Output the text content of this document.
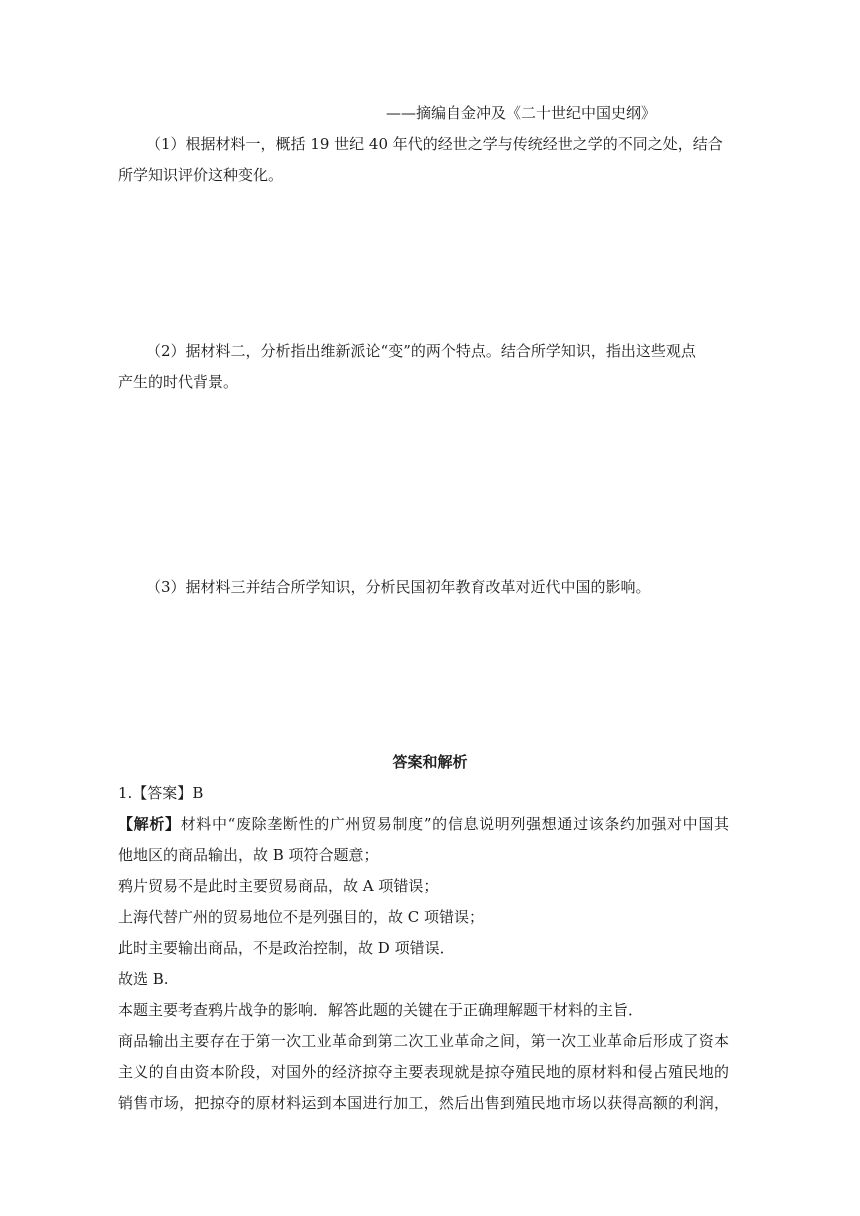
——摘编自金冲及《二十世纪中国史纲》
（1）根据材料一，概括 19 世纪 40 年代的经世之学与传统经世之学的不同之处，结合
所学知识评价这种变化。
（2）据材料二，分析指出维新派论“变”的两个特点。结合所学知识，指出这些观点
产生的时代背景。
（3）据材料三并结合所学知识，分析民国初年教育改革对近代中国的影响。
答案和解析
1.【答案】B
【解析】材料中“废除垄断性的广州贸易制度”的信息说明列强想通过该条约加强对中国其
他地区的商品输出，故 B 项符合题意；
鸦片贸易不是此时主要贸易商品，故 A 项错误；
上海代替广州的贸易地位不是列强目的，故 C 项错误；
此时主要输出商品，不是政治控制，故 D 项错误．
故选 B.
本题主要考查鸦片战争的影响．解答此题的关键在于正确理解题干材料的主旨．
商品输出主要存在于第一次工业革命到第二次工业革命之间，第一次工业革命后形成了资本
主义的自由资本阶段，对国外的经济掠夺主要表现就是掠夺殖民地的原材料和侵占殖民地的
销售市场，把掠夺的原材料运到本国进行加工，然后出售到殖民地市场以获得高额的利润，
